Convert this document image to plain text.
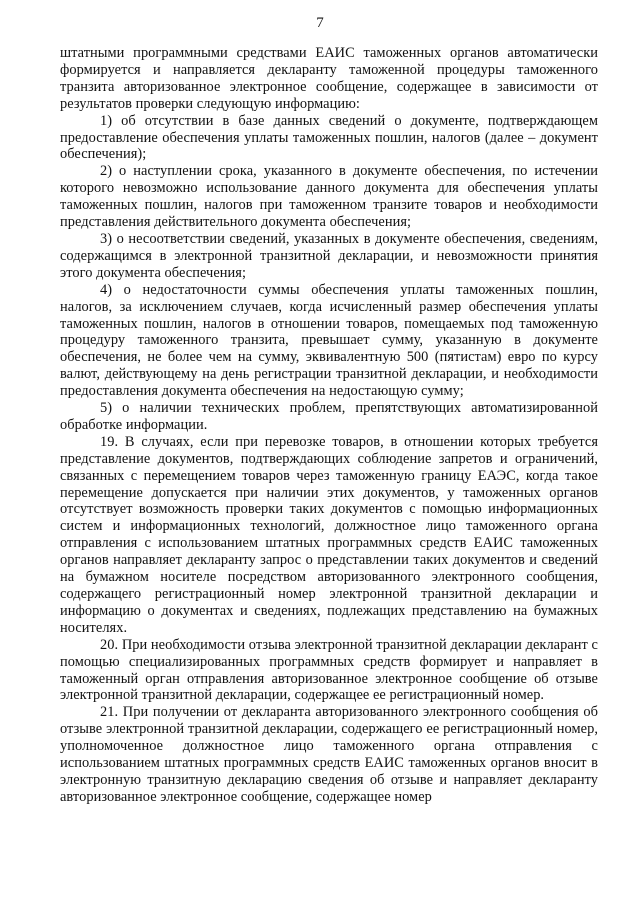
7

штатными программными средствами ЕАИС таможенных органов автоматически формируется и направляется декларанту таможенной процедуры таможенного транзита авторизованное электронное сообщение, содержащее в зависимости от результатов проверки следующую информацию:

1) об отсутствии в базе данных сведений о документе, подтверждающем предоставление обеспечения уплаты таможенных пошлин, налогов (далее – документ обеспечения);

2) о наступлении срока, указанного в документе обеспечения, по истечении которого невозможно использование данного документа для обеспечения уплаты таможенных пошлин, налогов при таможенном транзите товаров и необходимости представления действительного документа обеспечения;

3) о несоответствии сведений, указанных в документе обеспечения, сведениям, содержащимся в электронной транзитной декларации, и невозможности принятия этого документа обеспечения;

4) о недостаточности суммы обеспечения уплаты таможенных пошлин, налогов, за исключением случаев, когда исчисленный размер обеспечения уплаты таможенных пошлин, налогов в отношении товаров, помещаемых под таможенную процедуру таможенного транзита, превышает сумму, указанную в документе обеспечения, не более чем на сумму, эквивалентную 500 (пятистам) евро по курсу валют, действующему на день регистрации транзитной декларации, и необходимости предоставления документа обеспечения на недостающую сумму;

5) о наличии технических проблем, препятствующих автоматизированной обработке информации.

19. В случаях, если при перевозке товаров, в отношении которых требуется представление документов, подтверждающих соблюдение запретов и ограничений, связанных с перемещением товаров через таможенную границу ЕАЭС, когда такое перемещение допускается при наличии этих документов, у таможенных органов отсутствует возможность проверки таких документов с помощью информационных систем и информационных технологий, должностное лицо таможенного органа отправления с использованием штатных программных средств ЕАИС таможенных органов направляет декларанту запрос о представлении таких документов и сведений на бумажном носителе посредством авторизованного электронного сообщения, содержащего регистрационный номер электронной транзитной декларации и информацию о документах и сведениях, подлежащих представлению на бумажных носителях.

20. При необходимости отзыва электронной транзитной декларации декларант с помощью специализированных программных средств формирует и направляет в таможенный орган отправления авторизованное электронное сообщение об отзыве электронной транзитной декларации, содержащее ее регистрационный номер.

21. При получении от декларанта авторизованного электронного сообщения об отзыве электронной транзитной декларации, содержащего ее регистрационный номер, уполномоченное должностное лицо таможенного органа отправления с использованием штатных программных средств ЕАИС таможенных органов вносит в электронную транзитную декларацию сведения об отзыве и направляет декларанту авторизованное электронное сообщение, содержащее номер
